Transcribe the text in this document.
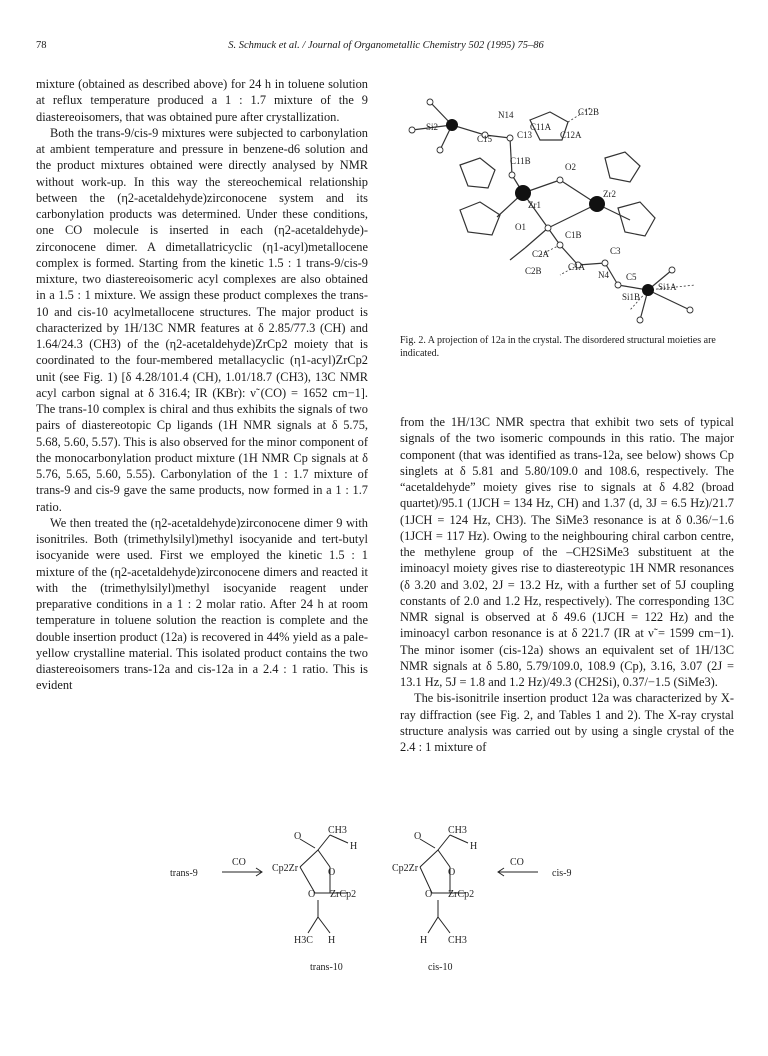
78	S. Schmuck et al. / Journal of Organometallic Chemistry 502 (1995) 75–86

mixture (obtained as described above) for 24 h in toluene solution at reflux temperature produced a 1 : 1.7 mixture of the 9 diastereoisomers, that was obtained pure after crystallization.

Both the trans-9/cis-9 mixtures were subjected to carbonylation at ambient temperature and pressure in benzene-d6 solution and the product mixtures obtained were directly analysed by NMR without work-up. In this way the stereochemical relationship between the (η2-acetaldehyde)zirconocene system and its carbonylation products was determined. Under these conditions, one CO molecule is inserted in each (η2-acetaldehyde)-zirconocene dimer. A dimetallatricyclic (η1-acyl)metallocene complex is formed. Starting from the kinetic 1.5 : 1 trans-9/cis-9 mixture, two diastereoisomeric acyl complexes are also obtained in a 1.5 : 1 mixture. We assign these product complexes the trans-10 and cis-10 acylmetallocene structures. The major product is characterized by 1H/13C NMR features at δ 2.85/77.3 (CH) and 1.64/24.3 (CH3) of the (η2-acetaldehyde)ZrCp2 moiety that is coordinated to the four-membered metallacyclic (η1-acyl)ZrCp2 unit (see Fig. 1) [δ 4.28/101.4 (CH), 1.01/18.7 (CH3), 13C NMR acyl carbon signal at δ 316.4; IR (KBr): ν̃ (CO) = 1652 cm−1]. The trans-10 complex is chiral and thus exhibits the signals of two pairs of diastereotopic Cp ligands (1H NMR signals at δ 5.75, 5.68, 5.60, 5.57). This is also observed for the minor component of the monocarbonylation product mixture (1H NMR Cp signals at δ 5.76, 5.65, 5.60, 5.55). Carbonylation of the 1 : 1.7 mixture of trans-9 and cis-9 gave the same products, now formed in a 1 : 1.7 ratio.

We then treated the (η2-acetaldehyde)zirconocene dimer 9 with isonitriles. Both (trimethylsilyl)methyl isocyanide and tert-butyl isocyanide were used. First we employed the kinetic 1.5 : 1 mixture of the (η2-acetaldehyde)zirconocene dimers and reacted it with the (trimethylsilyl)methyl isocyanide reagent under preparative conditions in a 1 : 2 molar ratio. After 24 h at room temperature in toluene solution the reaction is complete and the double insertion product (12a) is recovered in 44% yield as a pale-yellow crystalline material. This isolated product contains the two diastereoisomers trans-12a and cis-12a in a 2.4 : 1 ratio. This is evident

N14	C12B
Si2	C11A
C13	C12A
C15
C11B
O2
Zr2
Zr1
O1
C1B
C2A	C3
C1A
C2B	N4 C5
Si1A
Si1B
Fig. 2. A projection of 12a in the crystal. The disordered structural moieties are indicated.

from the 1H/13C NMR spectra that exhibit two sets of typical signals of the two isomeric compounds in this ratio. The major component (that was identified as trans-12a, see below) shows Cp singlets at δ 5.81 and 5.80/109.0 and 108.6, respectively. The “acetaldehyde” moiety gives rise to signals at δ 4.82 (broad quartet)/95.1 (1JCH = 134 Hz, CH) and 1.37 (d, 3J = 6.5 Hz)/21.7 (1JCH = 124 Hz, CH3). The SiMe3 resonance is at δ 0.36/−1.6 (1JCH = 117 Hz). Owing to the neighbouring chiral carbon centre, the methylene group of the –CH2SiMe3 substituent at the iminoacyl moiety gives rise to diastereotypic 1H NMR resonances (δ 3.20 and 3.02, 2J = 13.2 Hz, with a further set of 5J coupling constants of 2.0 and 1.2 Hz, respectively). The corresponding 13C NMR signal is observed at δ 49.6 (1JCH = 122 Hz) and the iminoacyl carbon resonance is at δ 221.7 (IR at ν̃ = 1599 cm−1). The minor isomer (cis-12a) shows an equivalent set of 1H/13C NMR signals at δ 5.80, 5.79/109.0, 108.9 (Cp), 3.16, 3.07 (2J = 13.1 Hz, 5J = 1.8 and 1.2 Hz)/49.3 (CH2Si), 0.37/−1.5 (SiMe3).

The bis-isonitrile insertion product 12a was characterized by X-ray diffraction (see Fig. 2, and Tables 1 and 2). The X-ray crystal structure analysis was carried out by using a single crystal of the 2.4 : 1 mixture of

trans-9
CO	CO
cis-9
O
CH3
H
Cp2Zr	O
O ZrCp2
H3C H
O
CH3
H
Cp2Zr	O
O ZrCp2
H CH3
trans-10	cis-10
